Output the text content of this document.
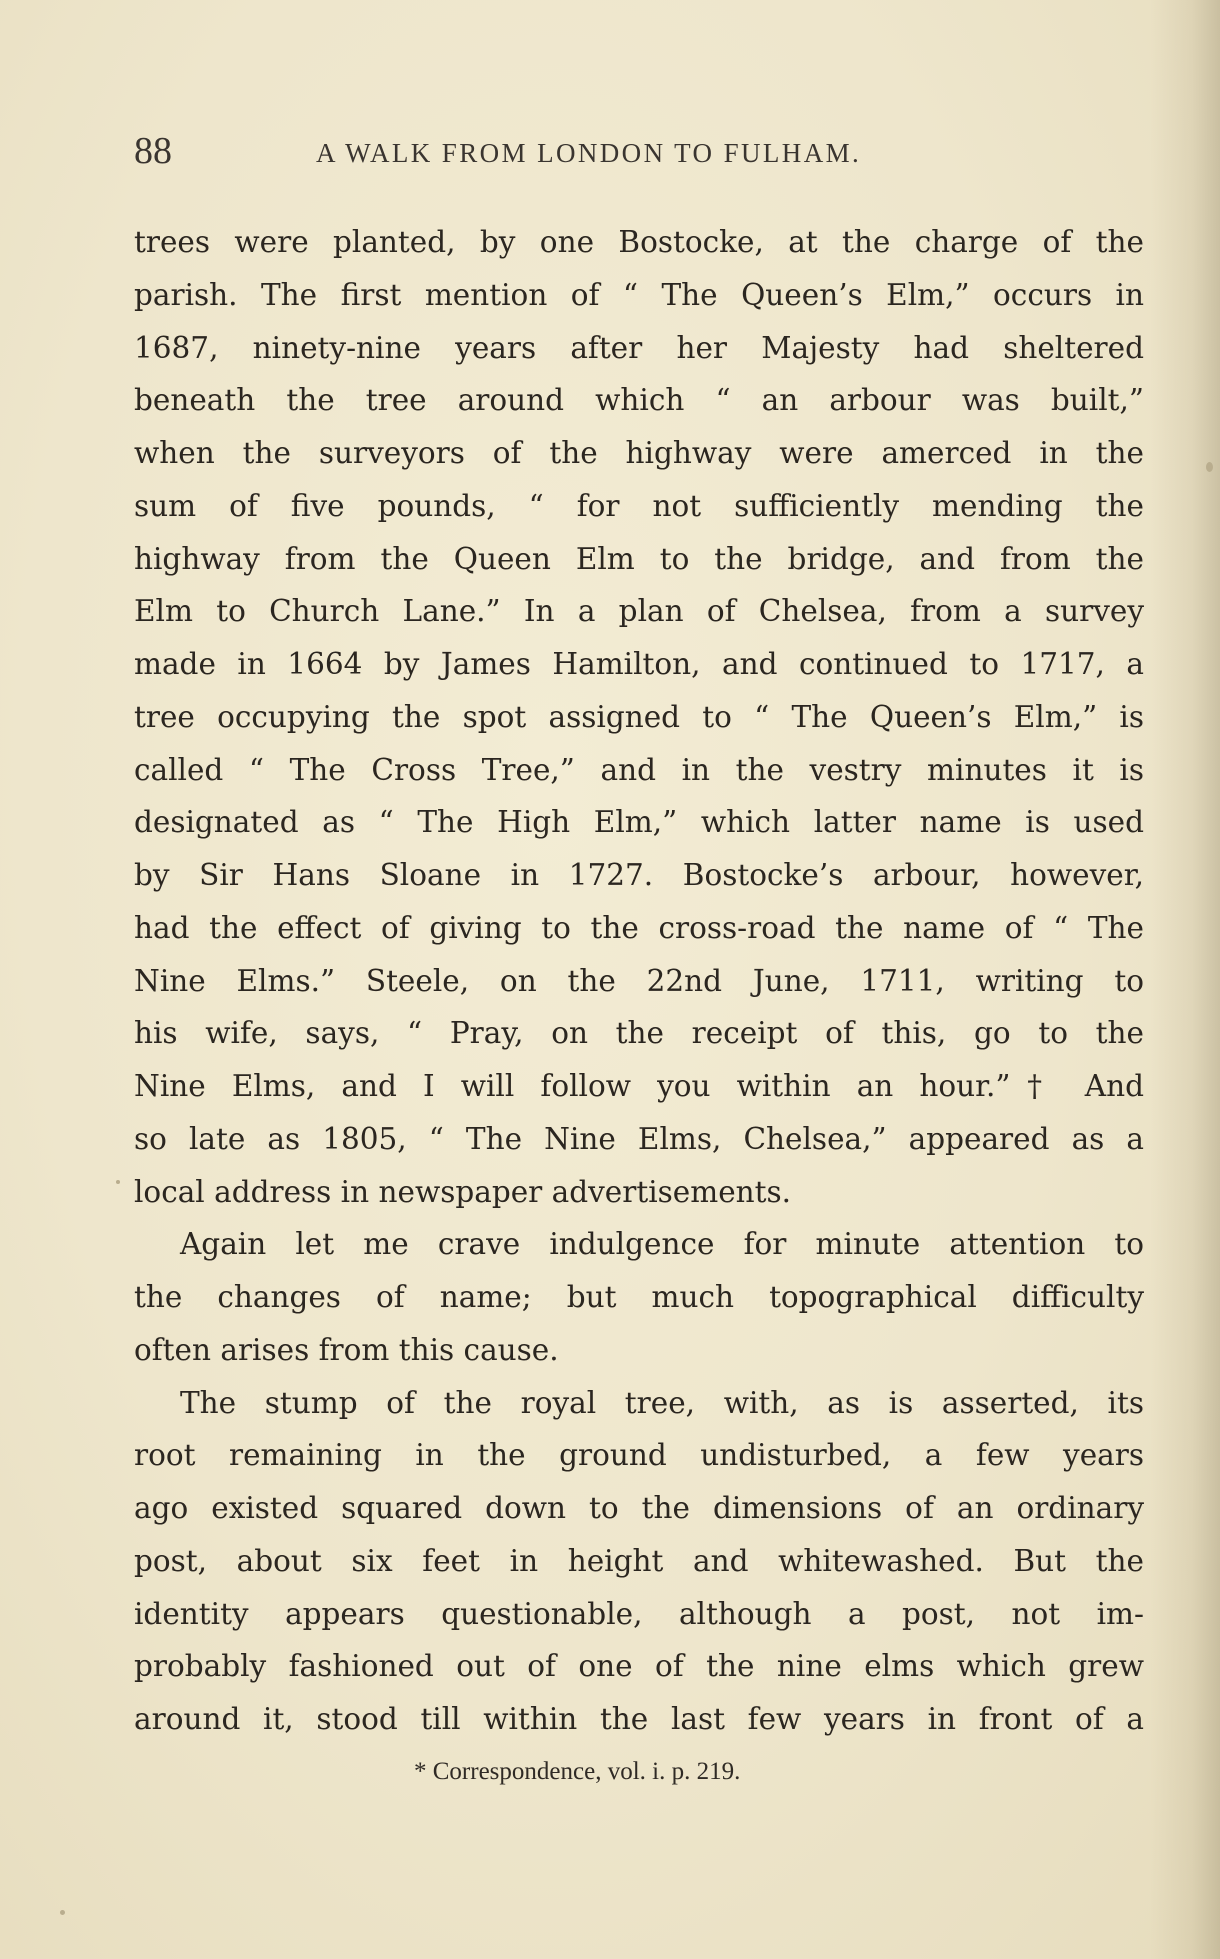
88	A WALK FROM LONDON TO FULHAM.
trees were planted, by one Bostocke, at the charge of the
parish. The first mention of “ The Queen’s Elm,” occurs in
1687, ninety-nine years after her Majesty had sheltered
beneath the tree around which “ an arbour was built,”
when the surveyors of the highway were amerced in the
sum of five pounds, “ for not sufficiently mending the
highway from the Queen Elm to the bridge, and from the
Elm to Church Lane.” In a plan of Chelsea, from a survey
made in 1664 by James Hamilton, and continued to 1717, a
tree occupying the spot assigned to “ The Queen’s Elm,” is
called “ The Cross Tree,” and in the vestry minutes it is
designated as “ The High Elm,” which latter name is used
by Sir Hans Sloane in 1727. Bostocke’s arbour, however,
had the effect of giving to the cross-road the name of “ The
Nine Elms.” Steele, on the 22nd June, 1711, writing to
his wife, says, “ Pray, on the receipt of this, go to the
Nine Elms, and I will follow you within an hour.”† And
so late as 1805, “ The Nine Elms, Chelsea,” appeared as a
local address in newspaper advertisements.
Again let me crave indulgence for minute attention to
the changes of name; but much topographical difficulty
often arises from this cause.
The stump of the royal tree, with, as is asserted, its
root remaining in the ground undisturbed, a few years
ago existed squared down to the dimensions of an ordinary
post, about six feet in height and whitewashed. But the
identity appears questionable, although a post, not im-
probably fashioned out of one of the nine elms which grew
around it, stood till within the last few years in front of a
* Correspondence, vol. i. p. 219.
